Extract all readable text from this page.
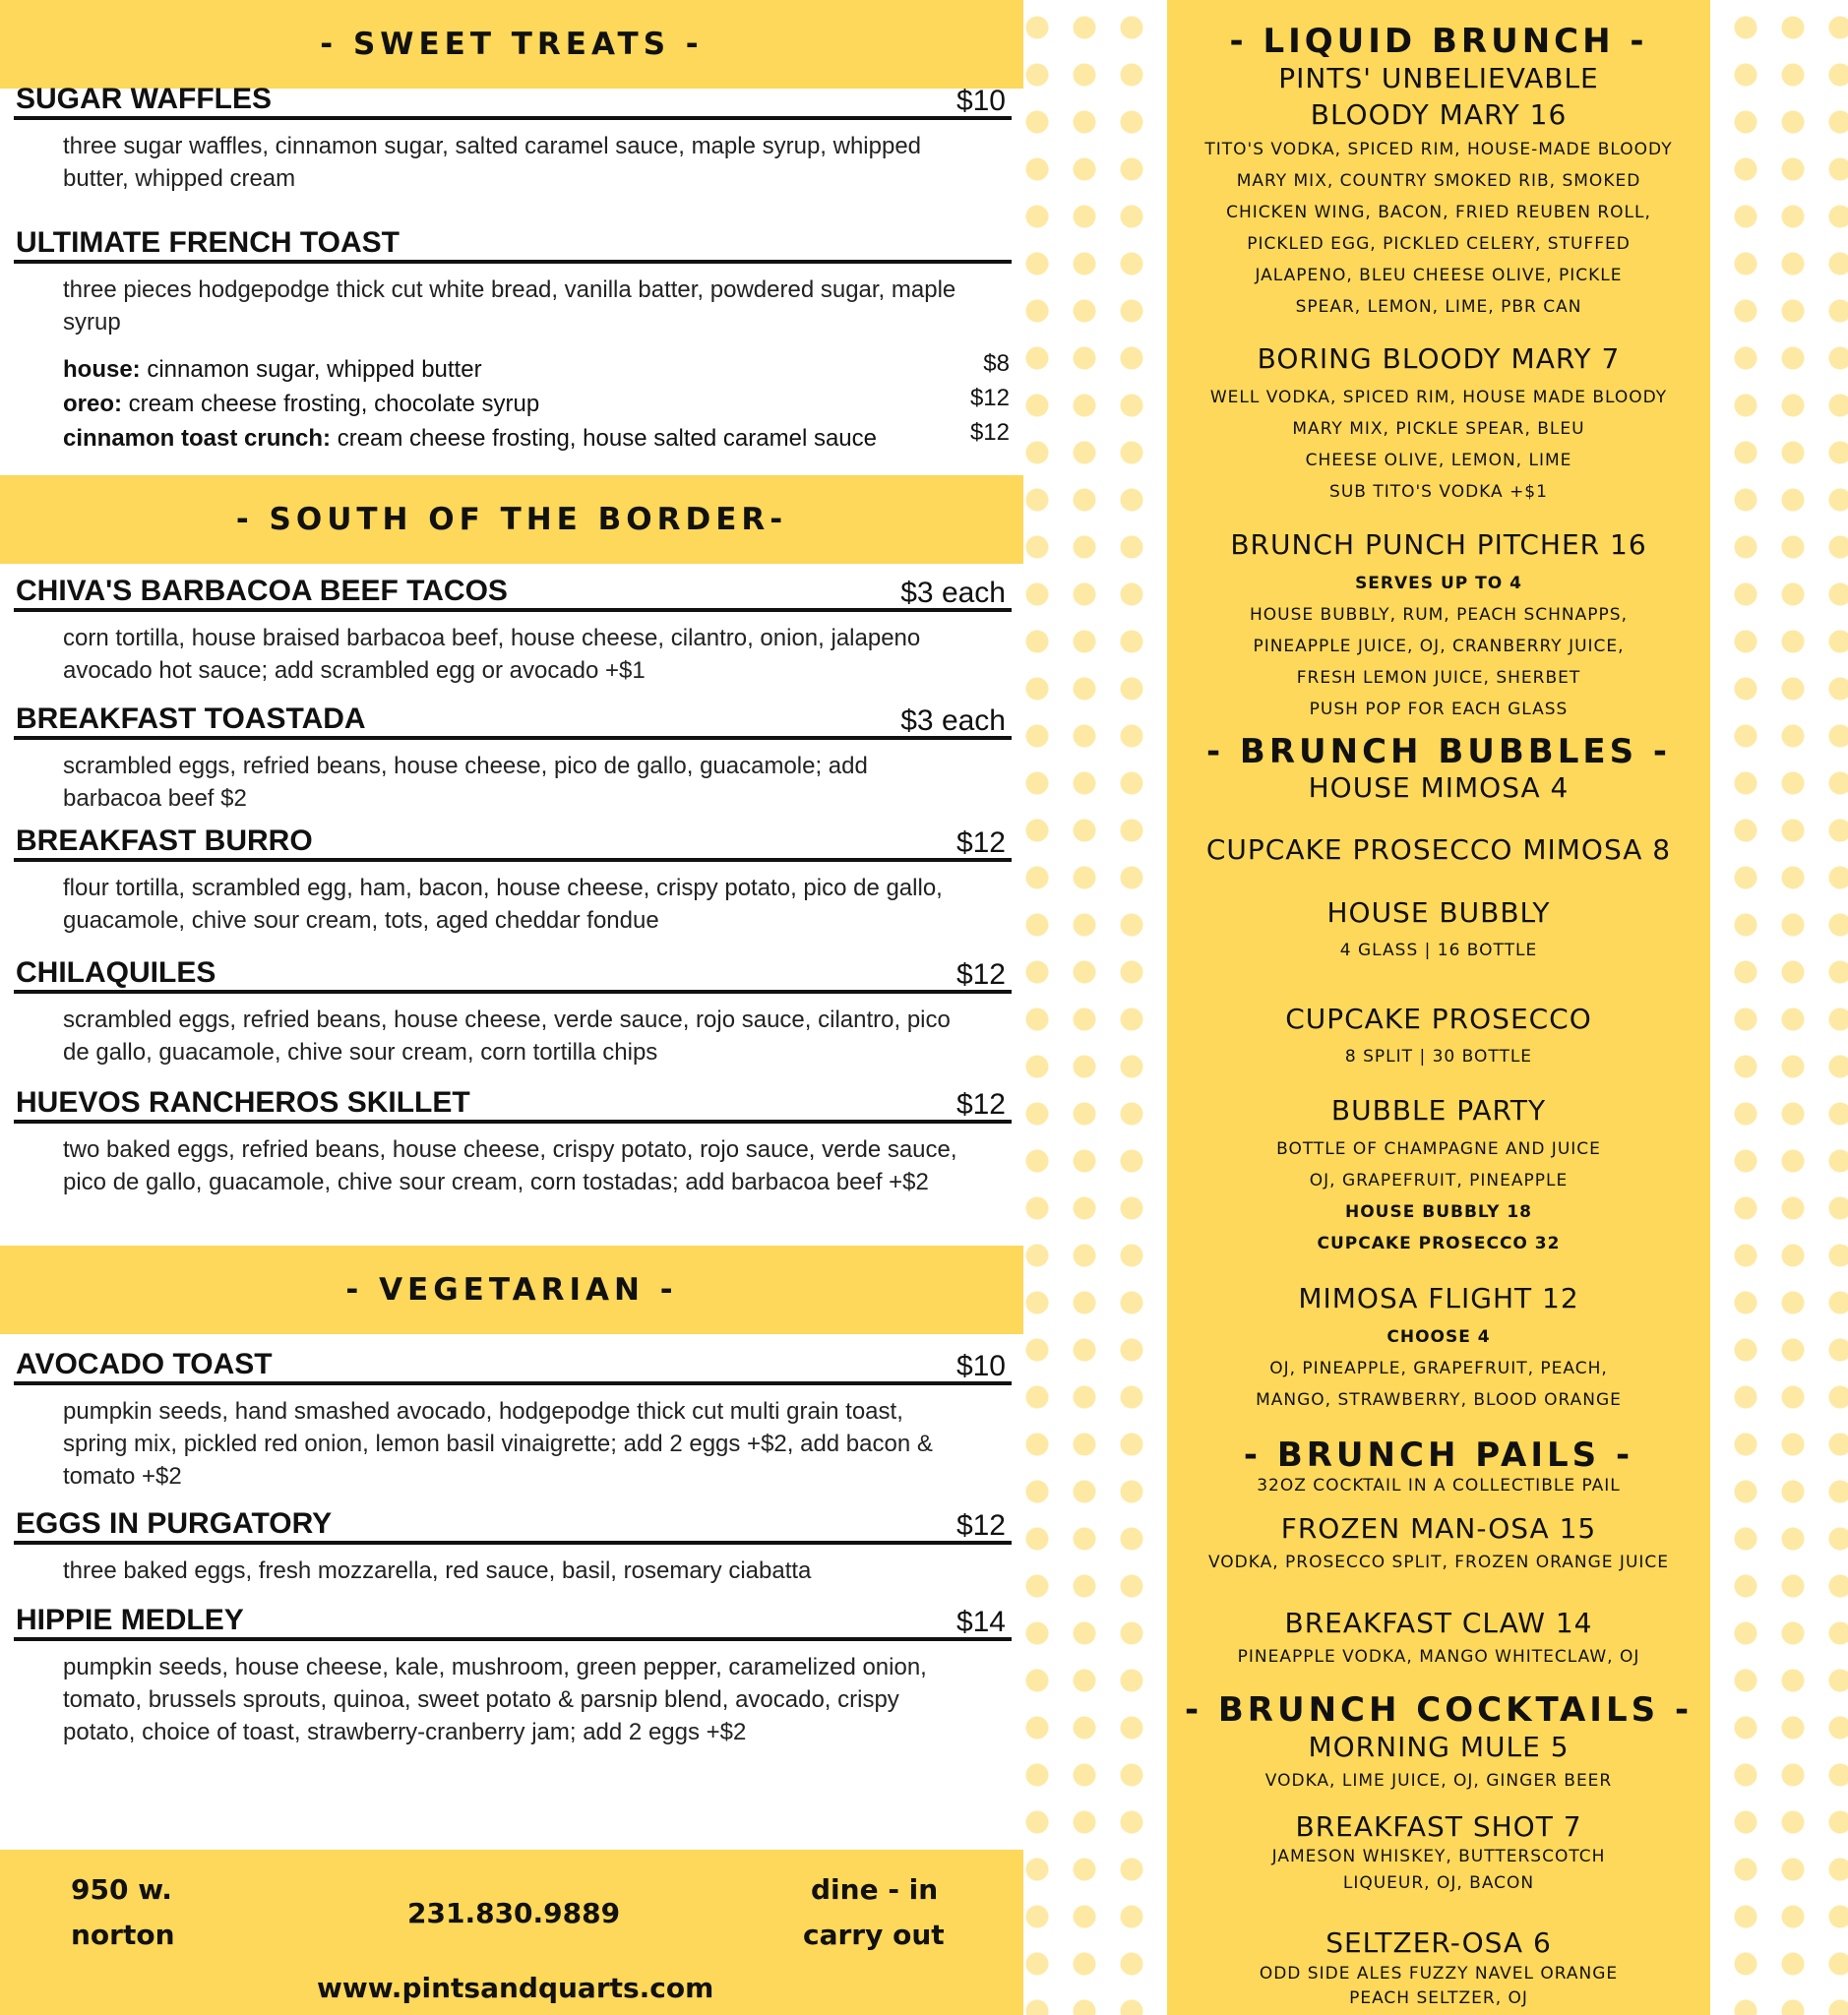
- SWEET TREATS -
SUGAR WAFFLES	$10
three sugar waffles, cinnamon sugar, salted caramel sauce, maple syrup, whipped butter, whipped cream
ULTIMATE FRENCH TOAST
three pieces hodgepodge thick cut white bread, vanilla batter, powdered sugar, maple syrup
house: cinnamon sugar, whipped butter	$8
oreo: cream cheese frosting, chocolate syrup	$12
cinnamon toast crunch: cream cheese frosting, house salted caramel sauce	$12
- SOUTH OF THE BORDER-
CHIVA'S BARBACOA BEEF TACOS	$3 each
corn tortilla, house braised barbacoa beef, house cheese, cilantro, onion, jalapeno avocado hot sauce; add scrambled egg or avocado +$1
BREAKFAST TOASTADA	$3 each
scrambled eggs, refried beans, house cheese, pico de gallo, guacamole; add barbacoa beef $2
BREAKFAST BURRO	$12
flour tortilla, scrambled egg, ham, bacon, house cheese, crispy potato, pico de gallo, guacamole, chive sour cream, tots, aged cheddar fondue
CHILAQUILES	$12
scrambled eggs, refried beans, house cheese, verde sauce, rojo sauce, cilantro, pico de gallo, guacamole, chive sour cream, corn tortilla chips
HUEVOS RANCHEROS SKILLET	$12
two baked eggs, refried beans, house cheese, crispy potato, rojo sauce, verde sauce, pico de gallo, guacamole, chive sour cream, corn tostadas; add barbacoa beef +$2
- VEGETARIAN -
AVOCADO TOAST	$10
pumpkin seeds, hand smashed avocado, hodgepodge thick cut multi grain toast, spring mix, pickled red onion, lemon basil vinaigrette; add 2 eggs +$2, add bacon & tomato +$2
EGGS IN PURGATORY	$12
three baked eggs, fresh mozzarella, red sauce, basil, rosemary ciabatta
HIPPIE MEDLEY	$14
pumpkin seeds, house cheese, kale, mushroom, green pepper, caramelized onion, tomato, brussels sprouts, quinoa, sweet potato & parsnip blend, avocado, crispy potato, choice of toast, strawberry-cranberry jam; add 2 eggs +$2
950 w.
norton
231.830.9889
dine - in
carry out
www.pintsandquarts.com
- LIQUID BRUNCH -
PINTS' UNBELIEVABLE
BLOODY MARY 16
TITO'S VODKA, SPICED RIM, HOUSE-MADE BLOODY
MARY MIX, COUNTRY SMOKED RIB, SMOKED
CHICKEN WING, BACON, FRIED REUBEN ROLL,
PICKLED EGG, PICKLED CELERY, STUFFED
JALAPENO, BLEU CHEESE OLIVE, PICKLE
SPEAR, LEMON, LIME, PBR CAN
BORING BLOODY MARY 7
WELL VODKA, SPICED RIM, HOUSE MADE BLOODY
MARY MIX, PICKLE SPEAR, BLEU
CHEESE OLIVE, LEMON, LIME
SUB TITO'S VODKA +$1
BRUNCH PUNCH PITCHER 16
SERVES UP TO 4
HOUSE BUBBLY, RUM, PEACH SCHNAPPS,
PINEAPPLE JUICE, OJ, CRANBERRY JUICE,
FRESH LEMON JUICE, SHERBET
PUSH POP FOR EACH GLASS
- BRUNCH BUBBLES -
HOUSE MIMOSA 4
CUPCAKE PROSECCO MIMOSA 8
HOUSE BUBBLY
4 GLASS | 16 BOTTLE
CUPCAKE PROSECCO
8 SPLIT | 30 BOTTLE
BUBBLE PARTY
BOTTLE OF CHAMPAGNE AND JUICE
OJ, GRAPEFRUIT, PINEAPPLE
HOUSE BUBBLY 18
CUPCAKE PROSECCO 32
MIMOSA FLIGHT 12
CHOOSE 4
OJ, PINEAPPLE, GRAPEFRUIT, PEACH,
MANGO, STRAWBERRY, BLOOD ORANGE
- BRUNCH PAILS -
32OZ COCKTAIL IN A COLLECTIBLE PAIL
FROZEN MAN-OSA 15
VODKA, PROSECCO SPLIT, FROZEN ORANGE JUICE
BREAKFAST CLAW 14
PINEAPPLE VODKA, MANGO WHITECLAW, OJ
- BRUNCH COCKTAILS -
MORNING MULE 5
VODKA, LIME JUICE, OJ, GINGER BEER
BREAKFAST SHOT 7
JAMESON WHISKEY, BUTTERSCOTCH
LIQUEUR, OJ, BACON
SELTZER-OSA 6
ODD SIDE ALES FUZZY NAVEL ORANGE
PEACH SELTZER, OJ
